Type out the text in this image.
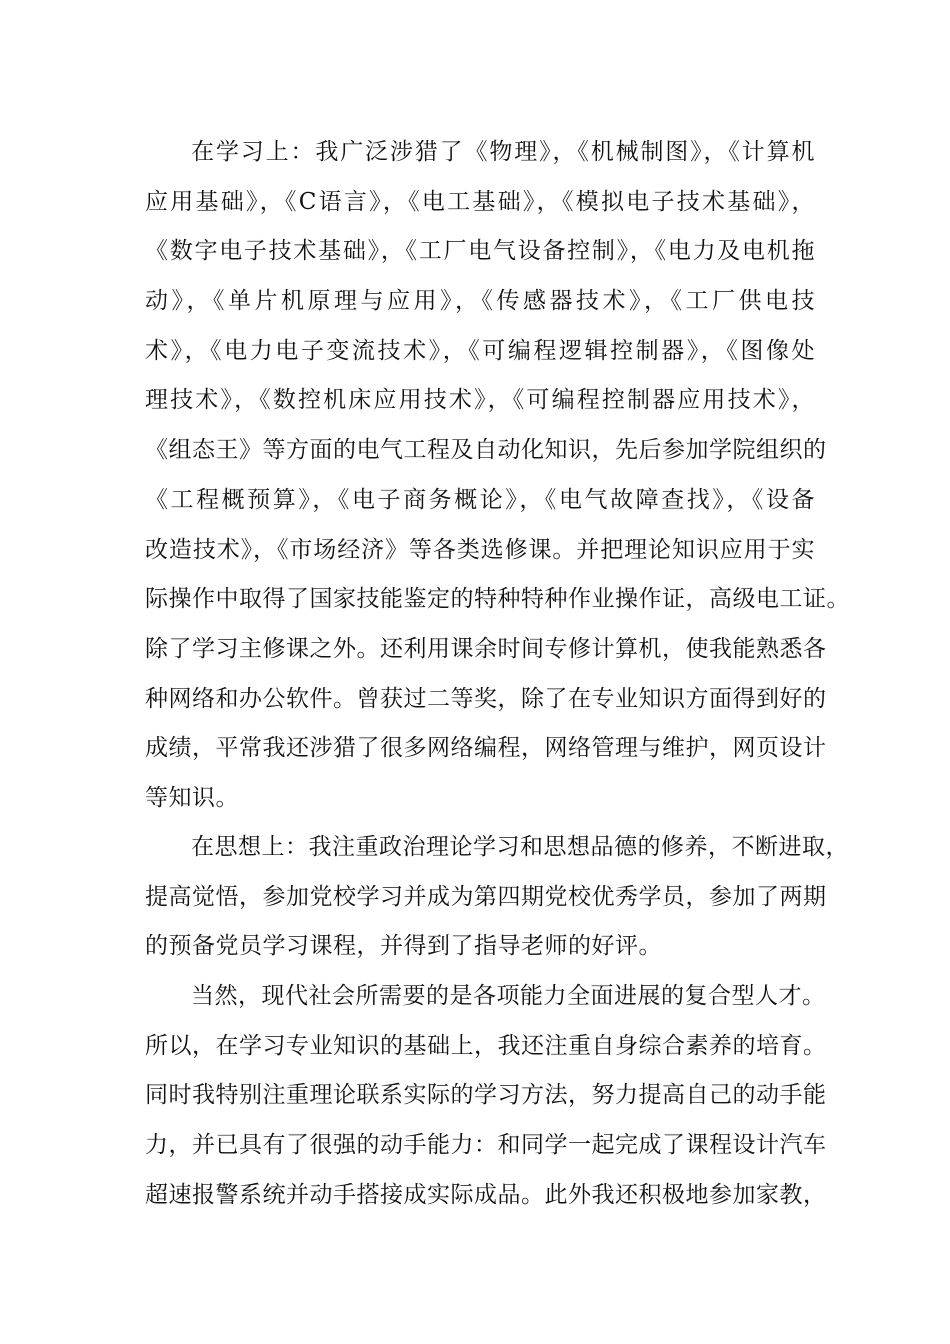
在学习上：我广泛涉猎了《物理》，《机械制图》，《计算机
应用基础》，《C语言》，《电工基础》，《模拟电子技术基础》，
《数字电子技术基础》，《工厂电气设备控制》，《电力及电机拖
动》，《单片机原理与应用》，《传感器技术》，《工厂供电技
术》，《电力电子变流技术》，《可编程逻辑控制器》，《图像处
理技术》，《数控机床应用技术》，《可编程控制器应用技术》，
《组态王》等方面的电气工程及自动化知识，先后参加学院组织的
《工程概预算》，《电子商务概论》，《电气故障查找》，《设备
改造技术》，《市场经济》等各类选修课。并把理论知识应用于实
际操作中取得了国家技能鉴定的特种特种作业操作证，高级电工证。
除了学习主修课之外。还利用课余时间专修计算机，使我能熟悉各
种网络和办公软件。曾获过二等奖，除了在专业知识方面得到好的
成绩，平常我还涉猎了很多网络编程，网络管理与维护，网页设计
等知识。
在思想上：我注重政治理论学习和思想品德的修养，不断进取，
提高觉悟，参加党校学习并成为第四期党校优秀学员，参加了两期
的预备党员学习课程，并得到了指导老师的好评。
当然，现代社会所需要的是各项能力全面进展的复合型人才。
所以，在学习专业知识的基础上，我还注重自身综合素养的培育。
同时我特别注重理论联系实际的学习方法，努力提高自己的动手能
力，并已具有了很强的动手能力：和同学一起完成了课程设计汽车
超速报警系统并动手搭接成实际成品。此外我还积极地参加家教，
